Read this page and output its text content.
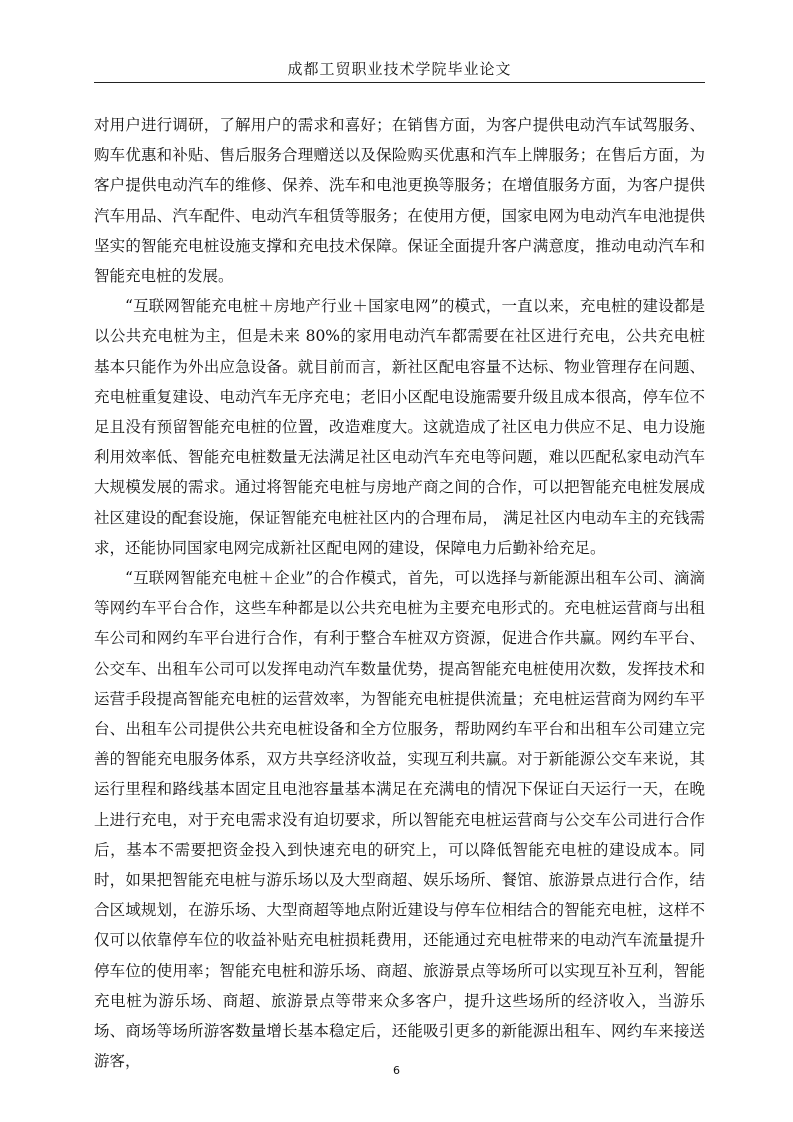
成都工贸职业技术学院毕业论文

对用户进行调研，了解用户的需求和喜好；在销售方面，为客户提供电动汽车试驾服务、购车优惠和补贴、售后服务合理赠送以及保险购买优惠和汽车上牌服务；在售后方面，为客户提供电动汽车的维修、保养、洗车和电池更换等服务；在增值服务方面，为客户提供汽车用品、汽车配件、电动汽车租赁等服务；在使用方便，国家电网为电动汽车电池提供坚实的智能充电桩设施支撑和充电技术保障。保证全面提升客户满意度，推动电动汽车和智能充电桩的发展。

“互联网智能充电桩＋房地产行业＋国家电网”的模式，一直以来，充电桩的建设都是以公共充电桩为主，但是未来 80%的家用电动汽车都需要在社区进行充电，公共充电桩基本只能作为外出应急设备。就目前而言，新社区配电容量不达标、物业管理存在问题、充电桩重复建设、电动汽车无序充电；老旧小区配电设施需要升级且成本很高，停车位不足且没有预留智能充电桩的位置，改造难度大。这就造成了社区电力供应不足、电力设施利用效率低、智能充电桩数量无法满足社区电动汽车充电等问题，难以匹配私家电动汽车大规模发展的需求。通过将智能充电桩与房地产商之间的合作，可以把智能充电桩发展成社区建设的配套设施，保证智能充电桩社区内的合理布局， 满足社区内电动车主的充钱需求，还能协同国家电网完成新社区配电网的建设，保障电力后勤补给充足。

“互联网智能充电桩＋企业”的合作模式，首先，可以选择与新能源出租车公司、滴滴等网约车平台合作，这些车种都是以公共充电桩为主要充电形式的。充电桩运营商与出租车公司和网约车平台进行合作，有利于整合车桩双方资源，促进合作共赢。网约车平台、公交车、出租车公司可以发挥电动汽车数量优势，提高智能充电桩使用次数，发挥技术和运营手段提高智能充电桩的运营效率，为智能充电桩提供流量；充电桩运营商为网约车平台、出租车公司提供公共充电桩设备和全方位服务，帮助网约车平台和出租车公司建立完善的智能充电服务体系，双方共享经济收益，实现互利共赢。对于新能源公交车来说，其运行里程和路线基本固定且电池容量基本满足在充满电的情况下保证白天运行一天，在晚上进行充电，对于充电需求没有迫切要求，所以智能充电桩运营商与公交车公司进行合作后，基本不需要把资金投入到快速充电的研究上，可以降低智能充电桩的建设成本。同时，如果把智能充电桩与游乐场以及大型商超、娱乐场所、餐馆、旅游景点进行合作，结合区域规划，在游乐场、大型商超等地点附近建设与停车位相结合的智能充电桩，这样不仅可以依靠停车位的收益补贴充电桩损耗费用，还能通过充电桩带来的电动汽车流量提升停车位的使用率；智能充电桩和游乐场、商超、旅游景点等场所可以实现互补互利，智能充电桩为游乐场、商超、旅游景点等带来众多客户，提升这些场所的经济收入，当游乐场、商场等场所游客数量增长基本稳定后，还能吸引更多的新能源出租车、网约车来接送游客，

6
